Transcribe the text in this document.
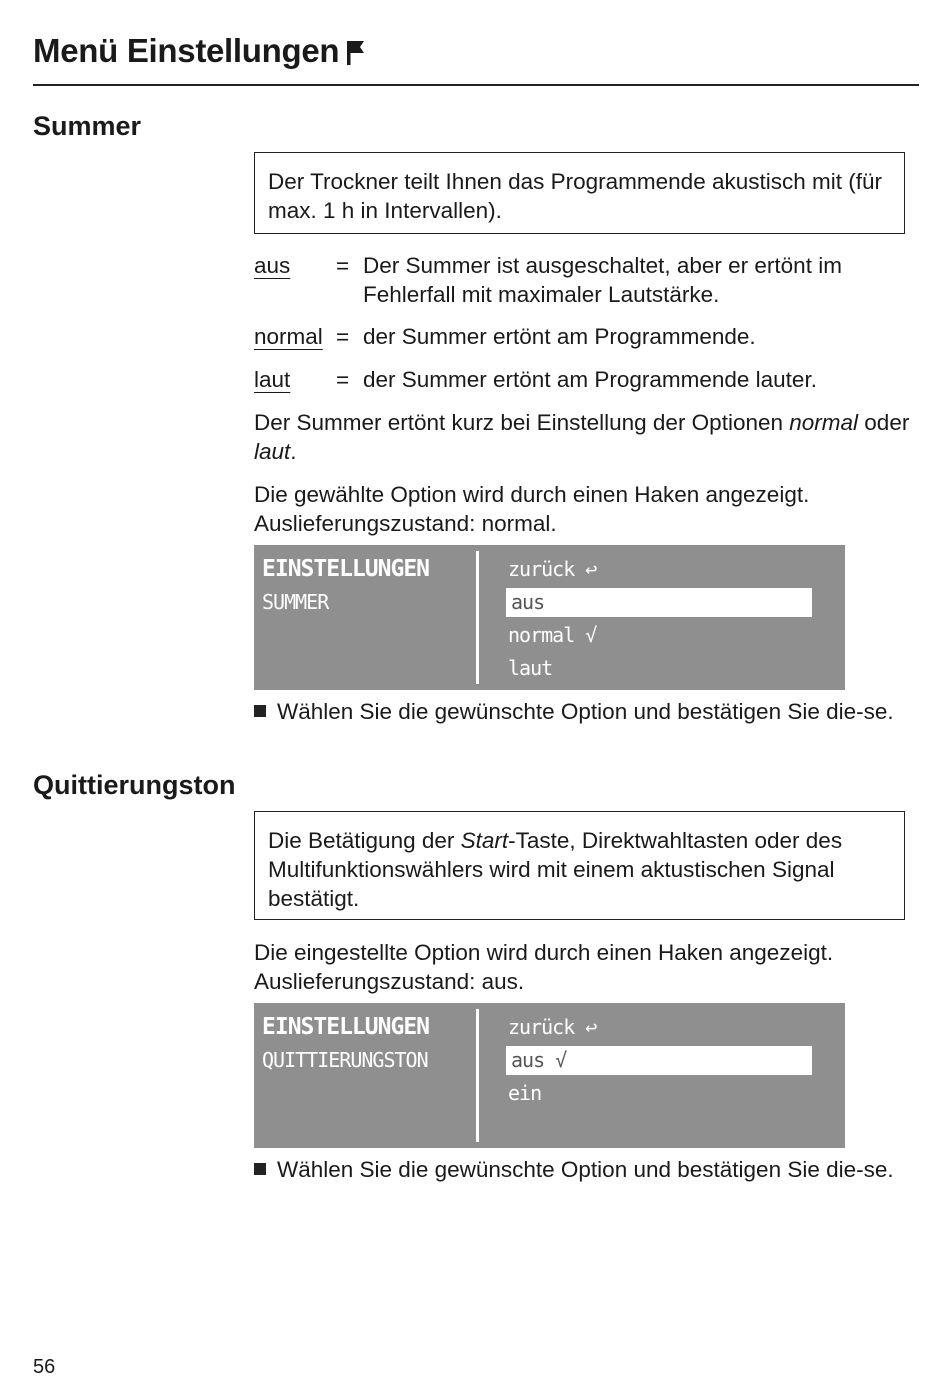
Menü Einstellungen
Summer
Der Trockner teilt Ihnen das Programmende akustisch mit (für max. 1 h in Intervallen).
aus = Der Summer ist ausgeschaltet, aber er ertönt im Fehlerfall mit maximaler Lautstärke.
normal = der Summer ertönt am Programmende.
laut = der Summer ertönt am Programmende lauter.
Der Summer ertönt kurz bei Einstellung der Optionen normal oder laut.
Die gewählte Option wird durch einen Haken angezeigt.
Auslieferungszustand: normal.
EINSTELLUNGEN
SUMMER
zurück ↩
aus
normal √
laut
Wählen Sie die gewünschte Option und bestätigen Sie die-se.
Quittierungston
Die Betätigung der Start-Taste, Direktwahltasten oder des Multifunktionswählers wird mit einem aktustischen Signal bestätigt.
Die eingestellte Option wird durch einen Haken angezeigt.
Auslieferungszustand: aus.
EINSTELLUNGEN
QUITTIERUNGSTON
zurück ↩
aus √
ein
Wählen Sie die gewünschte Option und bestätigen Sie die-se.
56
